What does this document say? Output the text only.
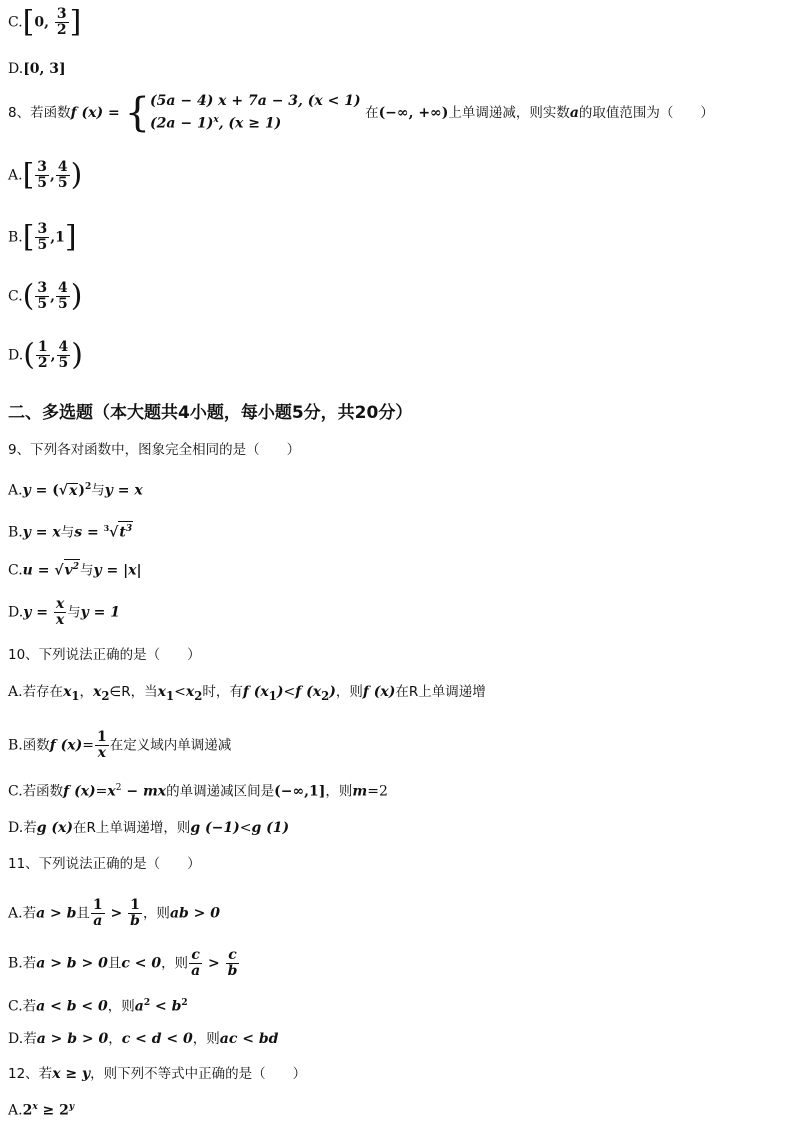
C.[0, $\frac{3}{2}$ ]
D.[0, 3]
8、若函数f (x) = {(5a − 4) x + 7a − 3, (x < 1)
$(2a - 1)^x$, (x ≥ 1) 在(−∞, +∞)上单调递减，则实数a的取值范围为（　　）
$A.[ \frac{3}{5}$ , $\frac{4}{5}$ )
$B.[ \frac{3}{5} ,1]$
$C.( \frac{3}{5}$ , $\frac{4}{5}$ )
$D.( \frac{1}{2}$ , $\frac{4}{5}$ )
二、多选题（本大题共4小题，每小题5分，共20分）
9、下列各对函数中，图象完全相同的是（　　）
$A.y = (√x)^2$与y = x
B.y = x与$s = ^3√t^3$
$C.u = √v^2$与y = |x|
$D.y = \frac{x}{x}$ 与y = 1
10、下列说法正确的是（　　）
A.若存在$x_1$，$x_2\in R$，当$x_1<x_2$时，有f $(x_1)<f$ $(x_2)$，则f (x)在R上单调递增
B.函数f $(x)= \frac{1}{x}$ 在定义域内单调递减
C.若函数f $(x)=x^2$ − mx的单调递减区间是(−∞,1]，则m=2
D.若g (x)在R上单调递增，则g (−1)<g (1)
11、下列说法正确的是（　　）
A.若a > b且 $\frac{1}{a} > \frac{1}{b}$ ，则ab > 0
B.若a > b > 0且c < 0，则 $\frac{c}{a} > \frac{c}{b}$
C.若a < b < 0，则$a^2 < b^2$
D.若a > b > 0，c < d < 0，则ac < bd
12、若x ≥ y，则下列不等式中正确的是（　　）
$A.2^x \ge 2^y$
